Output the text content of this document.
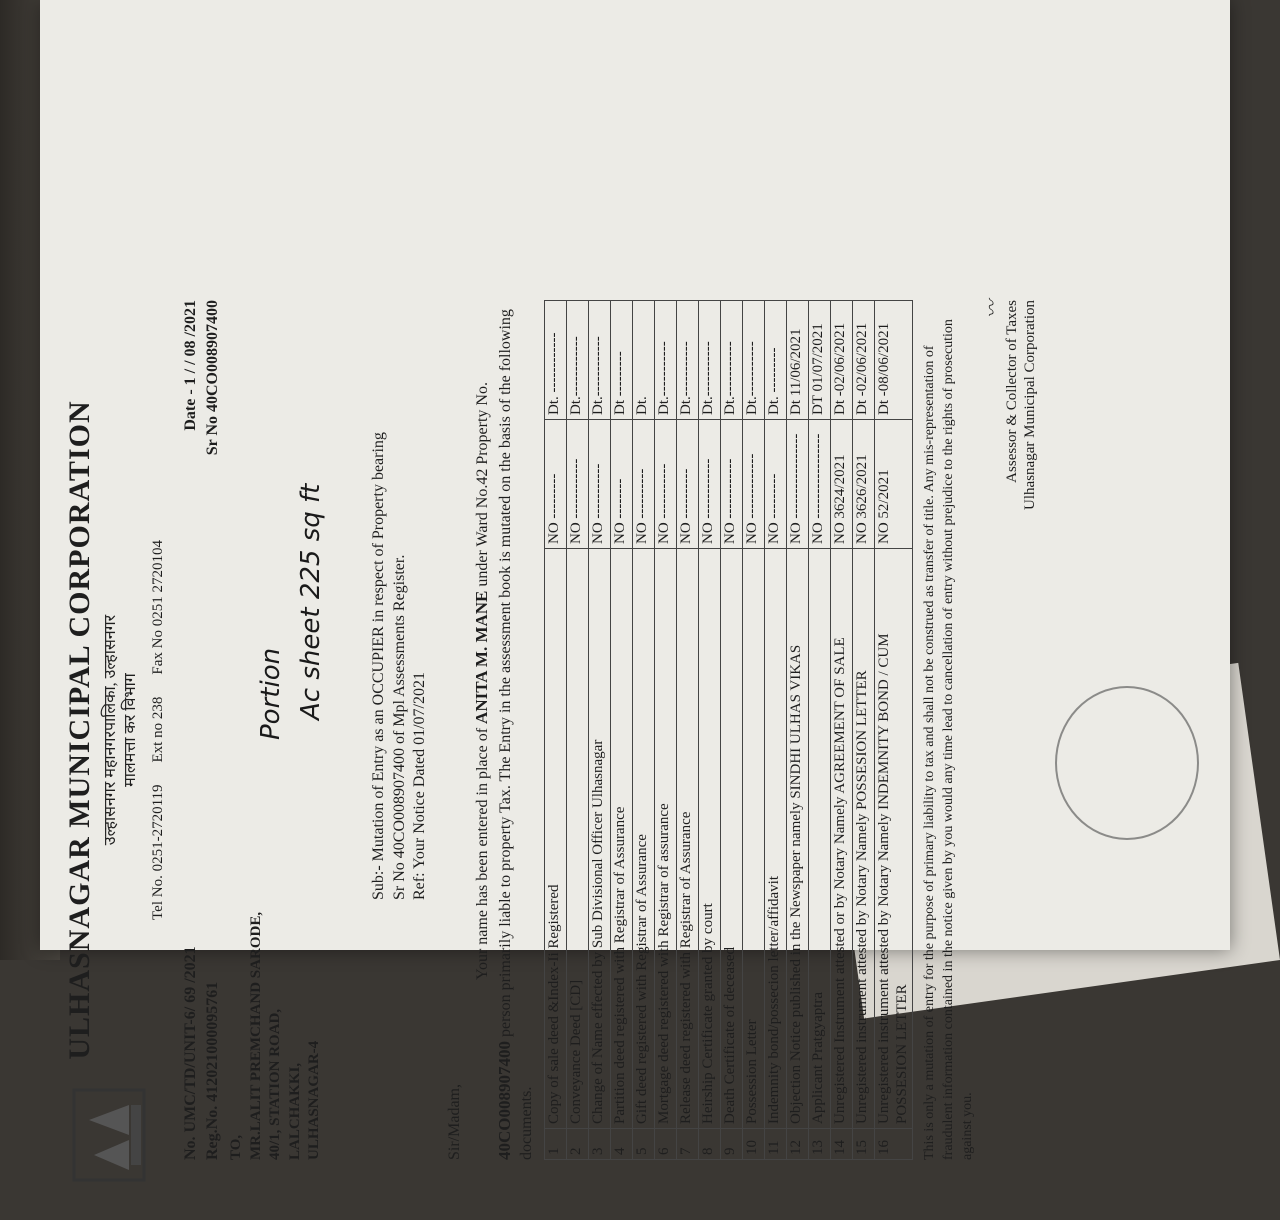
ULHASNAGAR MUNICIPAL CORPORATION उल्हासनगर महानगरपालिका, उल्हासनगर मालमत्ता कर विभाग
Tel No. 0251-2720119
Ext no 238
Fax No 0251 2720104
No. UMC/TD/UNIT-6/ 69 /2021
Date - 1 / / 08 /2021
Reg.No. 412021000095761
Sr No 40CO008907400
TO, MR.LALIT PREMCHAND SARODE, 40/1, STATION ROAD, LALCHAKKI, ULHASNAGAR-4
Portion Ac sheet 225 sq ft	Sub:- Mutation of Entry as an OCCUPIER in respect of Property bearing Sr No 40CO008907400 of Mpl Assessments Register. Ref: Your Notice Dated 01/07/2021
Sir/Madam,
Your name has been entered in place of ANITA M. MANE under Ward No.42 Property No. 40CO008907400 person primarily liable to property Tax. The Entry in the assessment book is mutated on the basis of the following documents. 1	Copy of sale deed &Index-Ii Registered	NO ---------	Dt. ------------
2	Conveyance Deed [CD]	NO ------------	Dt.------------
3	Change of Name effected by Sub Divisional Officer Ulhasnagar	NO -----------	Dt.------------
4	Partition deed registered with Registrar of Assurance	NO --------	Dt ---------
5	Gift deed registered with Registrar of Assurance	NO ----------	Dt.
6	Mortgage deed registered with Registrar of assurance	NO -----------	Dt.-----------
7	Release deed registered with Registrar of Assurance	NO ----------	Dt.-----------
8	Heirship Certificate granted by court	NO ------------	Dt.-----------
9	Death Certificate of deceased	NO ------------	Dt.-----------
10	Possession Letter	NO -------------	Dt.-----------
11	Indemnity bond/possecion letter/affidavit	NO ---------	Dt. ---------
12	Objection Notice published in the Newspaper namely SINDHI ULHAS VIKAS	NO -----------------	Dt 11/06/2021
13	Applicant Pratgyaptra	NO -----------------	DT 01/07/2021
14	Unregistered Instrument attested or by Notary Namely AGREEMENT OF SALE	NO 3624/2021	Dt -02/06/2021
15	Unregistered instrument attested by Notary Namely POSSESION LETTER	NO 3626/2021	Dt -02/06/2021
16	Unregistered instrument attested by Notary Namely INDEMNITY BOND / CUM POSSESION LETTER	NO 52/2021	Dt -08/06/2021 This is only a mutation of entry for the purpose of primary liability to tax and shall not be construed as transfer of title. Any mis-representation of fraudulent information contained in the notice given by you would any time lead to cancellation of entry without prejudice to the rights of prosecution against you.
〰 Assessor & Collector of Taxes Ulhasnagar Municipal Corporation
